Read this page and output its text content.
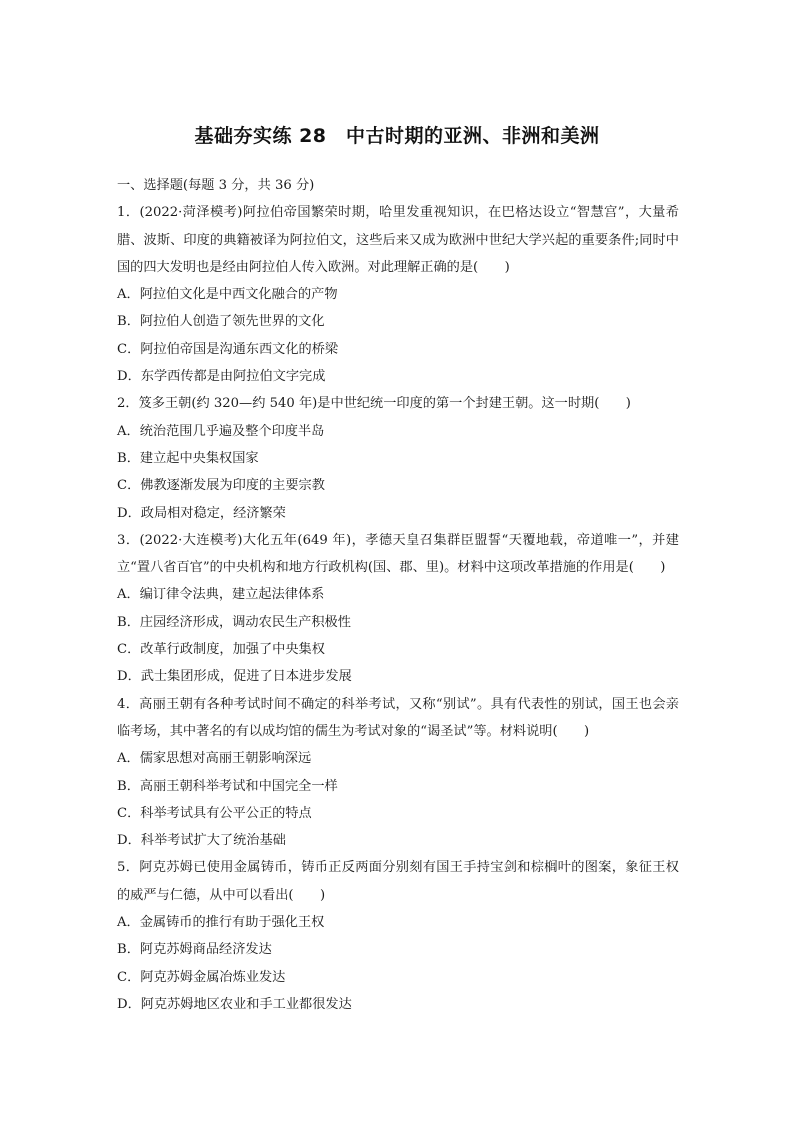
基础夯实练 28　中古时期的亚洲、非洲和美洲
一、选择题(每题 3 分，共 36 分)

1．(2022·菏泽模考)阿拉伯帝国繁荣时期，哈里发重视知识，在巴格达设立“智慧宫”，大量希腊、波斯、印度的典籍被译为阿拉伯文，这些后来又成为欧洲中世纪大学兴起的重要条件;同时中国的四大发明也是经由阿拉伯人传入欧洲。对此理解正确的是(　　)

A．阿拉伯文化是中西文化融合的产物

B．阿拉伯人创造了领先世界的文化

C．阿拉伯帝国是沟通东西文化的桥梁

D．东学西传都是由阿拉伯文字完成

2．笈多王朝(约 320—约 540 年)是中世纪统一印度的第一个封建王朝。这一时期(　　)

A．统治范围几乎遍及整个印度半岛

B．建立起中央集权国家

C．佛教逐渐发展为印度的主要宗教

D．政局相对稳定，经济繁荣

3．(2022·大连模考)大化五年(649 年)，孝德天皇召集群臣盟誓“天覆地载，帝道唯一”，并建立“置八省百官”的中央机构和地方行政机构(国、郡、里)。材料中这项改革措施的作用是(　　)

A．编订律令法典，建立起法律体系

B．庄园经济形成，调动农民生产积极性

C．改革行政制度，加强了中央集权

D．武士集团形成，促进了日本进步发展

4．高丽王朝有各种考试时间不确定的科举考试，又称“别试”。具有代表性的别试，国王也会亲临考场，其中著名的有以成均馆的儒生为考试对象的“谒圣试”等。材料说明(　　)

A．儒家思想对高丽王朝影响深远

B．高丽王朝科举考试和中国完全一样

C．科举考试具有公平公正的特点

D．科举考试扩大了统治基础

5．阿克苏姆已使用金属铸币，铸币正反两面分别刻有国王手持宝剑和棕榈叶的图案，象征王权的威严与仁德，从中可以看出(　　)

A．金属铸币的推行有助于强化王权

B．阿克苏姆商品经济发达

C．阿克苏姆金属冶炼业发达

D．阿克苏姆地区农业和手工业都很发达
